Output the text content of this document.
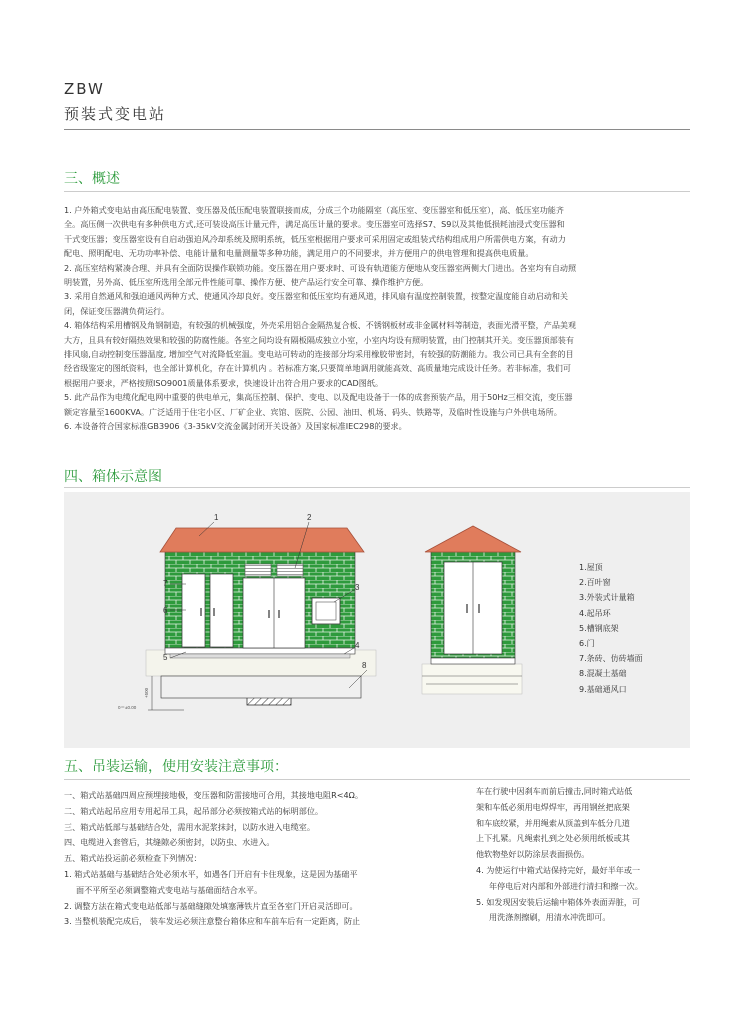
ZBW
预装式变电站
三、概述

1. 户外箱式变电站由高压配电装置、变压器及低压配电装置联接而成，分成三个功能隔室（高压室、变压器室和低压室），高、低压室功能齐

全。高压侧一次供电有多种供电方式,还可装设高压计量元件，满足高压计量的要求。变压器室可选择S7、S9以及其他低损耗油浸式变压器和

干式变压器；变压器室设有自启动强迫风冷却系统及照明系统，低压室根据用户要求可采用固定或组装式结构组成用户所需供电方案，有动力

配电、照明配电、无功功率补偿、电能计量和电量测量等多种功能，满足用户的不同要求，并方便用户的供电管理和提高供电质量。

2. 高压室结构紧凑合理、并具有全面防误操作联锁功能。变压器在用户要求时、可设有轨道能方便地从变压器室两侧大门进出。各室均有自动照

明装置，另外高、低压室所选用全部元件性能可靠、操作方便、使产品运行安全可靠、操作维护方便。

3. 采用自然通风和强迫通风两种方式、使通风冷却良好。变压器室和低压室均有通风道，排风扇有温度控制装置，按整定温度能自动启动和关

闭，保证变压器满负荷运行。

4. 箱体结构采用槽钢及角钢制造，有较强的机械强度，外壳采用铝合金隔热复合板、不锈钢板材或非金属材料等制造，表面光滑平整，产品美观

大方，且具有较好隔热效果和较强的防腐性能。各室之间均设有隔板隔成独立小室，小室内均设有照明装置，由门控制其开关。变压器顶部装有

排风扇,自动控制变压器温度, 增加空气对流降低室温。变电站可转动的连接部分均采用橡胶带密封，有较强的防潮能力。我公司已具有全套的目

经省级鉴定的图纸资料，也全部计算机化，存在计算机内 。若标准方案,只要简单地调用就能高效、高质量地完成设计任务。若非标准，我们可

根据用户要求，严格按照ISO9001质量体系要求，快速设计出符合用户要求的CAD图纸。

5. 此产品作为电缆化配电网中重要的供电单元，集高压控制、保护、变电、以及配电设备于一体的成套预装产品，用于50Hz三相交流，变压器

额定容量至1600KVA。广泛适用于住宅小区、厂矿企业、宾馆、医院、公园、油田、机场、码头、铁路等，及临时性设施与户外供电场所。

6. 本设备符合国家标准GB3906《3-35kV交流金属封闭开关设备》及国家标准IEC298的要求。

四、箱体示意图
1	2
3
4
5
6
7
8
+500
0＝±0.00
1.屋顶
2.百叶窗
3.外装式计量箱
4.起吊环
5.槽钢底架
6.门
7.条砖、仿砖墙面
8.混凝土基础
9.基础通风口
五、吊装运输，使用安装注意事项：

一、箱式站基础四周应预埋接地极，变压器和防雷接地可合用，其接地电阻R<4Ω。

二、箱式站起吊应用专用起吊工具，起吊部分必须按箱式站的标明部位。

三、箱式站低部与基础结合处，需用水泥浆抹封，以防水进入电缆室。

四、电缆进入套管后，其缝隙必须密封，以防虫、水进入。

五、箱式站投运前必须检查下列情况：

1. 箱式站基础与基础结合处必须水平，如遇各门开启有卡住现象，这是因为基础平

面不平所至必须调整箱式变电站与基础面结合水平。

2. 调整方法在箱式变电站低部与基础缝隙处填塞薄铁片直至各室门开启灵活即可。

3. 当整机装配完成后， 装车发运必须注意整台箱体应和车前车后有一定距离，防止

车在行驶中因刹车而前后撞击,同时箱式站低

架和车低必须用电焊焊牢，再用钢丝把底架

和车底绞紧，并用绳索从顶盖到车低分几道

上下扎紧。凡绳索扎到之处必须用纸板或其

他软物垫好以防涂层表面损伤。

4. 为使运行中箱式站保持完好，最好半年或一

年停电后对内部和外部进行清扫和擦一次。

5. 如发现因安装后运输中箱体外表面弄脏，可

用洗涤剂擦刷，用清水冲洗即可。
